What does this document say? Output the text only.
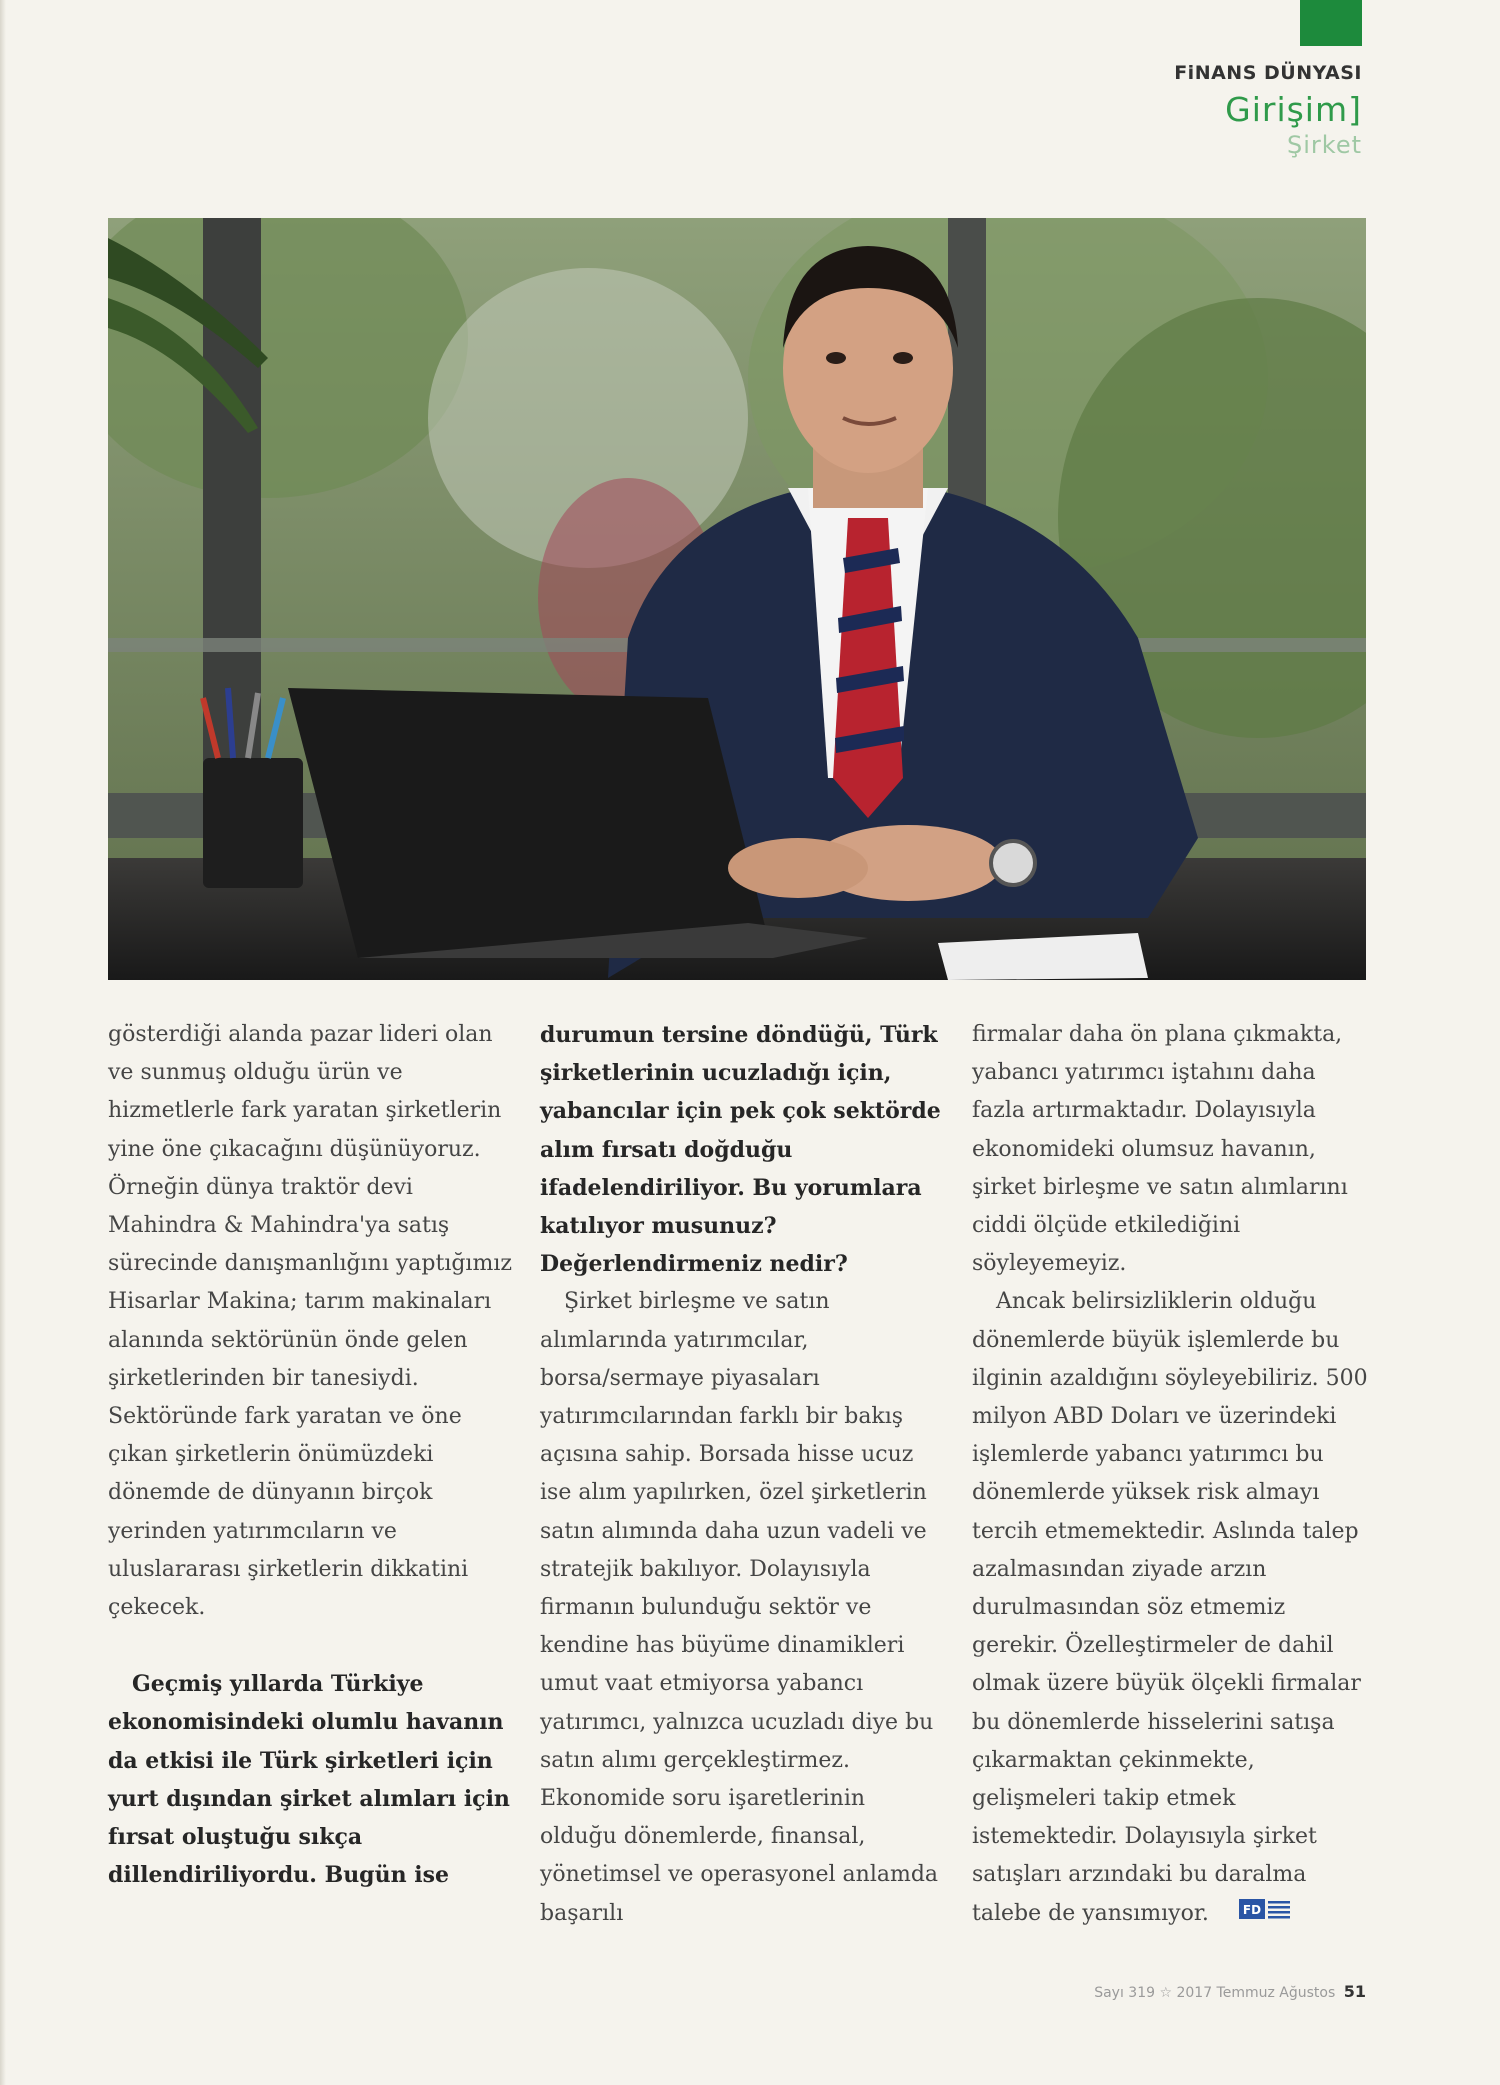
FiNANS DÜNYASI
Girişim]
Şirket

gösterdiği alanda pazar lideri olan ve sunmuş olduğu ürün ve hizmetlerle fark yaratan şirketlerin yine öne çıkacağını düşünüyoruz. Örneğin dünya traktör devi Mahindra & Mahindra'ya satış sürecinde danışmanlığını yaptığımız Hisarlar Makina; tarım makinaları alanında sektörünün önde gelen şirketlerinden bir tanesiydi. Sektöründe fark yaratan ve öne çıkan şirketlerin önümüzdeki dönemde de dünyanın birçok yerinden yatırımcıların ve uluslararası şirketlerin dikkatini çekecek.

Geçmiş yıllarda Türkiye ekonomisindeki olumlu havanın da etkisi ile Türk şirketleri için yurt dışından şirket alımları için fırsat oluştuğu sıkça dillendiriliyordu. Bugün ise

durumun tersine döndüğü, Türk şirketlerinin ucuzladığı için, yabancılar için pek çok sektörde alım fırsatı doğduğu ifadelendiriliyor. Bu yorumlara katılıyor musunuz? Değerlendirmeniz nedir?

Şirket birleşme ve satın alımlarında yatırımcılar, borsa/sermaye piyasaları yatırımcılarından farklı bir bakış açısına sahip. Borsada hisse ucuz ise alım yapılırken, özel şirketlerin satın alımında daha uzun vadeli ve stratejik bakılıyor. Dolayısıyla firmanın bulunduğu sektör ve kendine has büyüme dinamikleri umut vaat etmiyorsa yabancı yatırımcı, yalnızca ucuzladı diye bu satın alımı gerçekleştirmez. Ekonomide soru işaretlerinin olduğu dönemlerde, finansal, yönetimsel ve operasyonel anlamda başarılı

firmalar daha ön plana çıkmakta, yabancı yatırımcı iştahını daha fazla artırmaktadır. Dolayısıyla ekonomideki olumsuz havanın, şirket birleşme ve satın alımlarını ciddi ölçüde etkilediğini söyleyemeyiz.

Ancak belirsizliklerin olduğu dönemlerde büyük işlemlerde bu ilginin azaldığını söyleyebiliriz. 500 milyon ABD Doları ve üzerindeki işlemlerde yabancı yatırımcı bu dönemlerde yüksek risk almayı tercih etmemektedir. Aslında talep azalmasından ziyade arzın durulmasından söz etmemiz gerekir. Özelleştirmeler de dahil olmak üzere büyük ölçekli firmalar bu dönemlerde hisselerini satışa çıkarmaktan çekinmekte, gelişmeleri takip etmek istemektedir. Dolayısıyla şirket satışları arzındaki bu daralma talebe de yansımıyor.	FD

Sayı 319 ☆ 2017 Temmuz Ağustos 51
